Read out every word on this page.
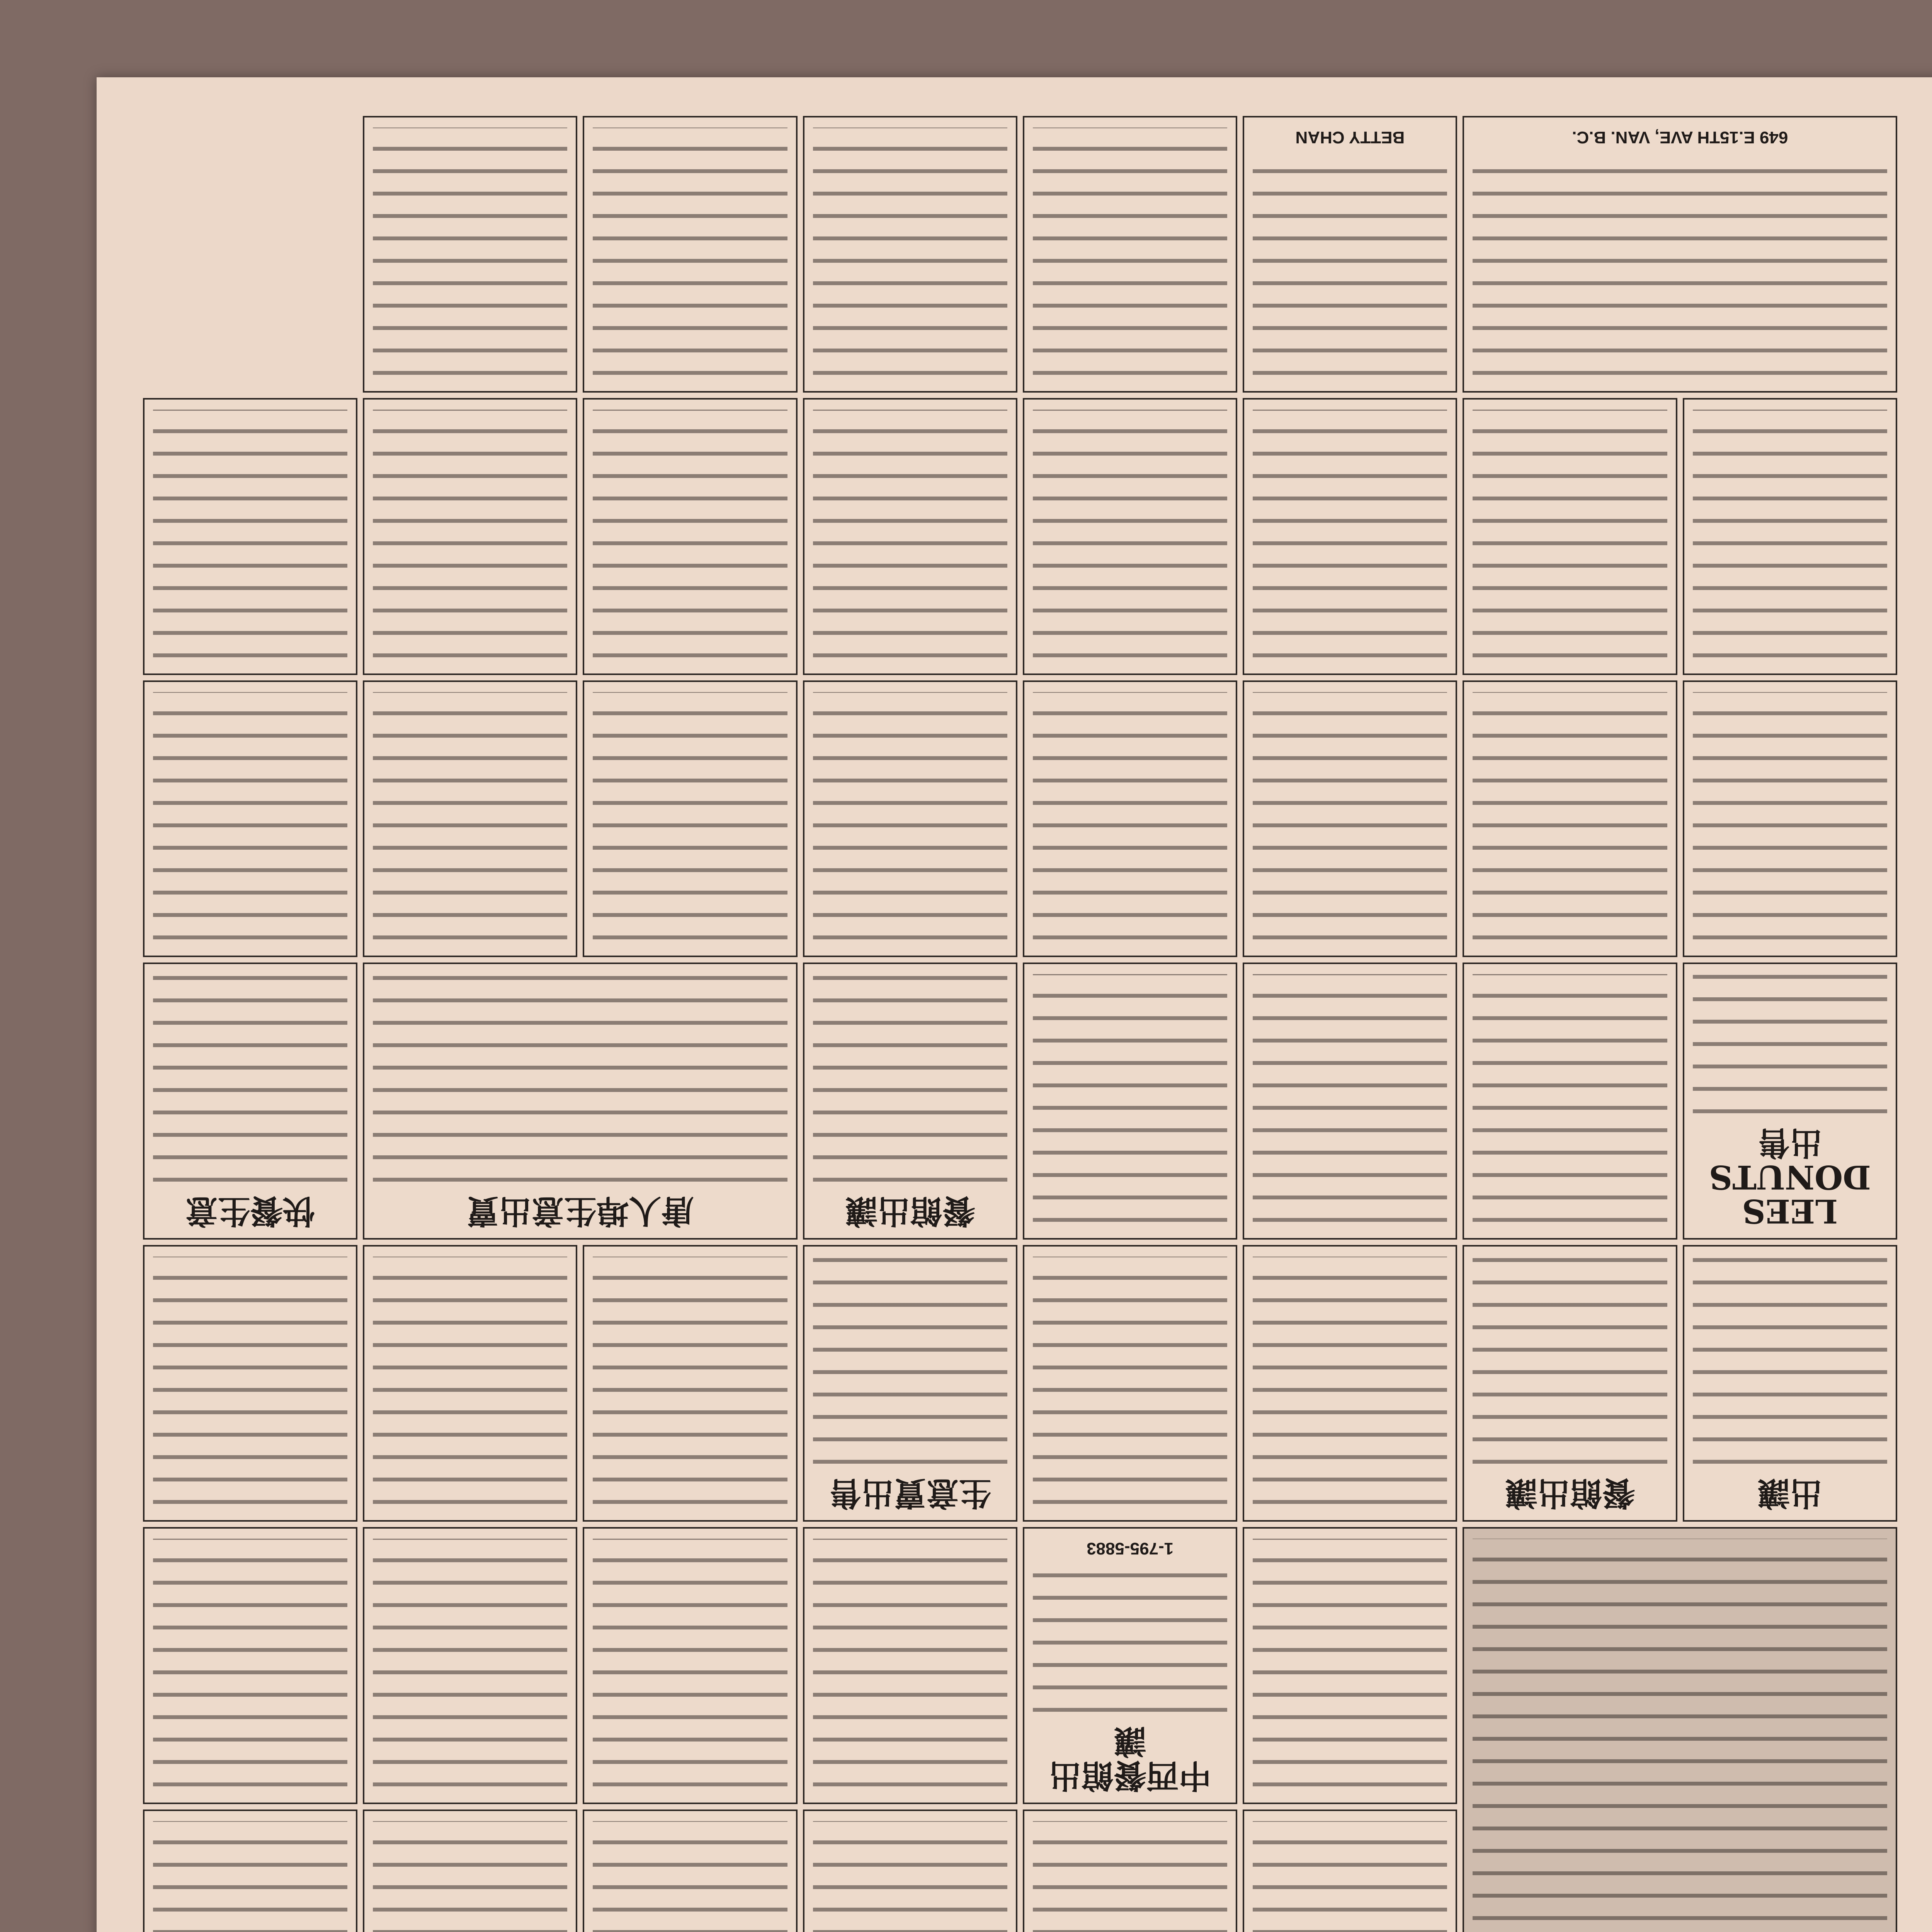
中西餐館出讓
1-795-5883
出讓
餐館出讓
生意賣出售
LEES DONUTS 出售
餐館出讓
唐人埠生意出賣
快餐生意
649 E.15TH AVE, VAN. B.C.
BETTY CHAN
